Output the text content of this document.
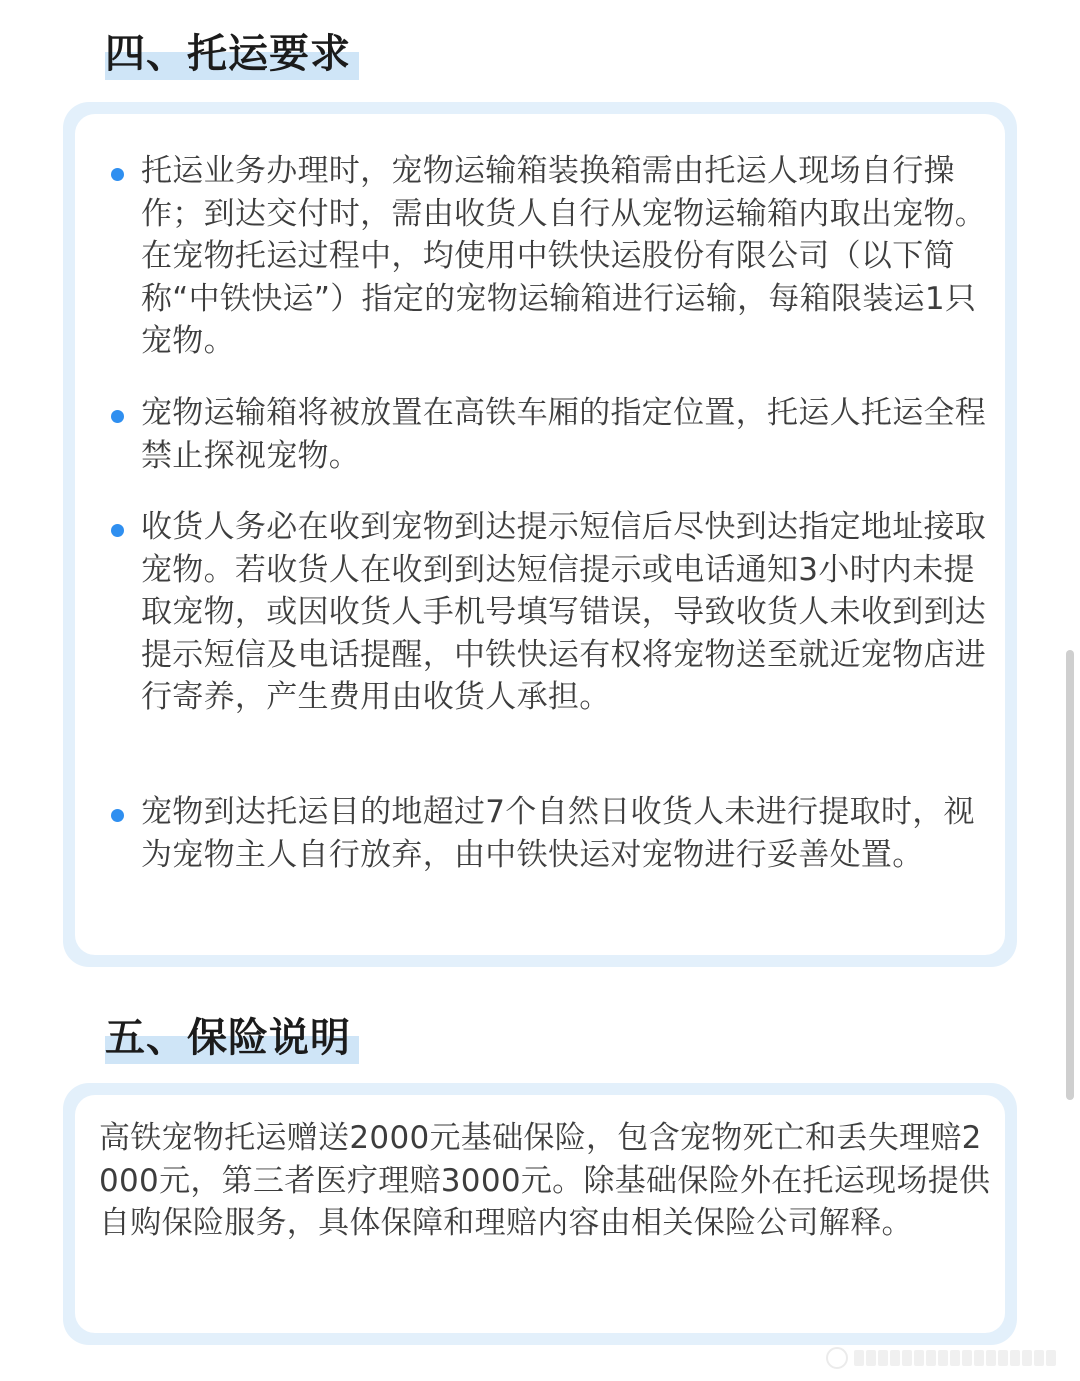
四、托运要求
托运业务办理时，宠物运输箱装换箱需由托运人现场自行操作；到达交付时，需由收货人自行从宠物运输箱内取出宠物。在宠物托运过程中，均使用中铁快运股份有限公司（以下简称“中铁快运”）指定的宠物运输箱进行运输，每箱限装运1只宠物。
宠物运输箱将被放置在高铁车厢的指定位置，托运人托运全程禁止探视宠物。
收货人务必在收到宠物到达提示短信后尽快到达指定地址接取宠物。若收货人在收到到达短信提示或电话通知3小时内未提取宠物，或因收货人手机号填写错误，导致收货人未收到到达提示短信及电话提醒，中铁快运有权将宠物送至就近宠物店进行寄养，产生费用由收货人承担。
宠物到达托运目的地超过7个自然日收货人未进行提取时，视为宠物主人自行放弃，由中铁快运对宠物进行妥善处置。
五、保险说明
高铁宠物托运赠送2000元基础保险，包含宠物死亡和丢失理赔2000元，第三者医疗理赔3000元。除基础保险外在托运现场提供自购保险服务，具体保障和理赔内容由相关保险公司解释。
